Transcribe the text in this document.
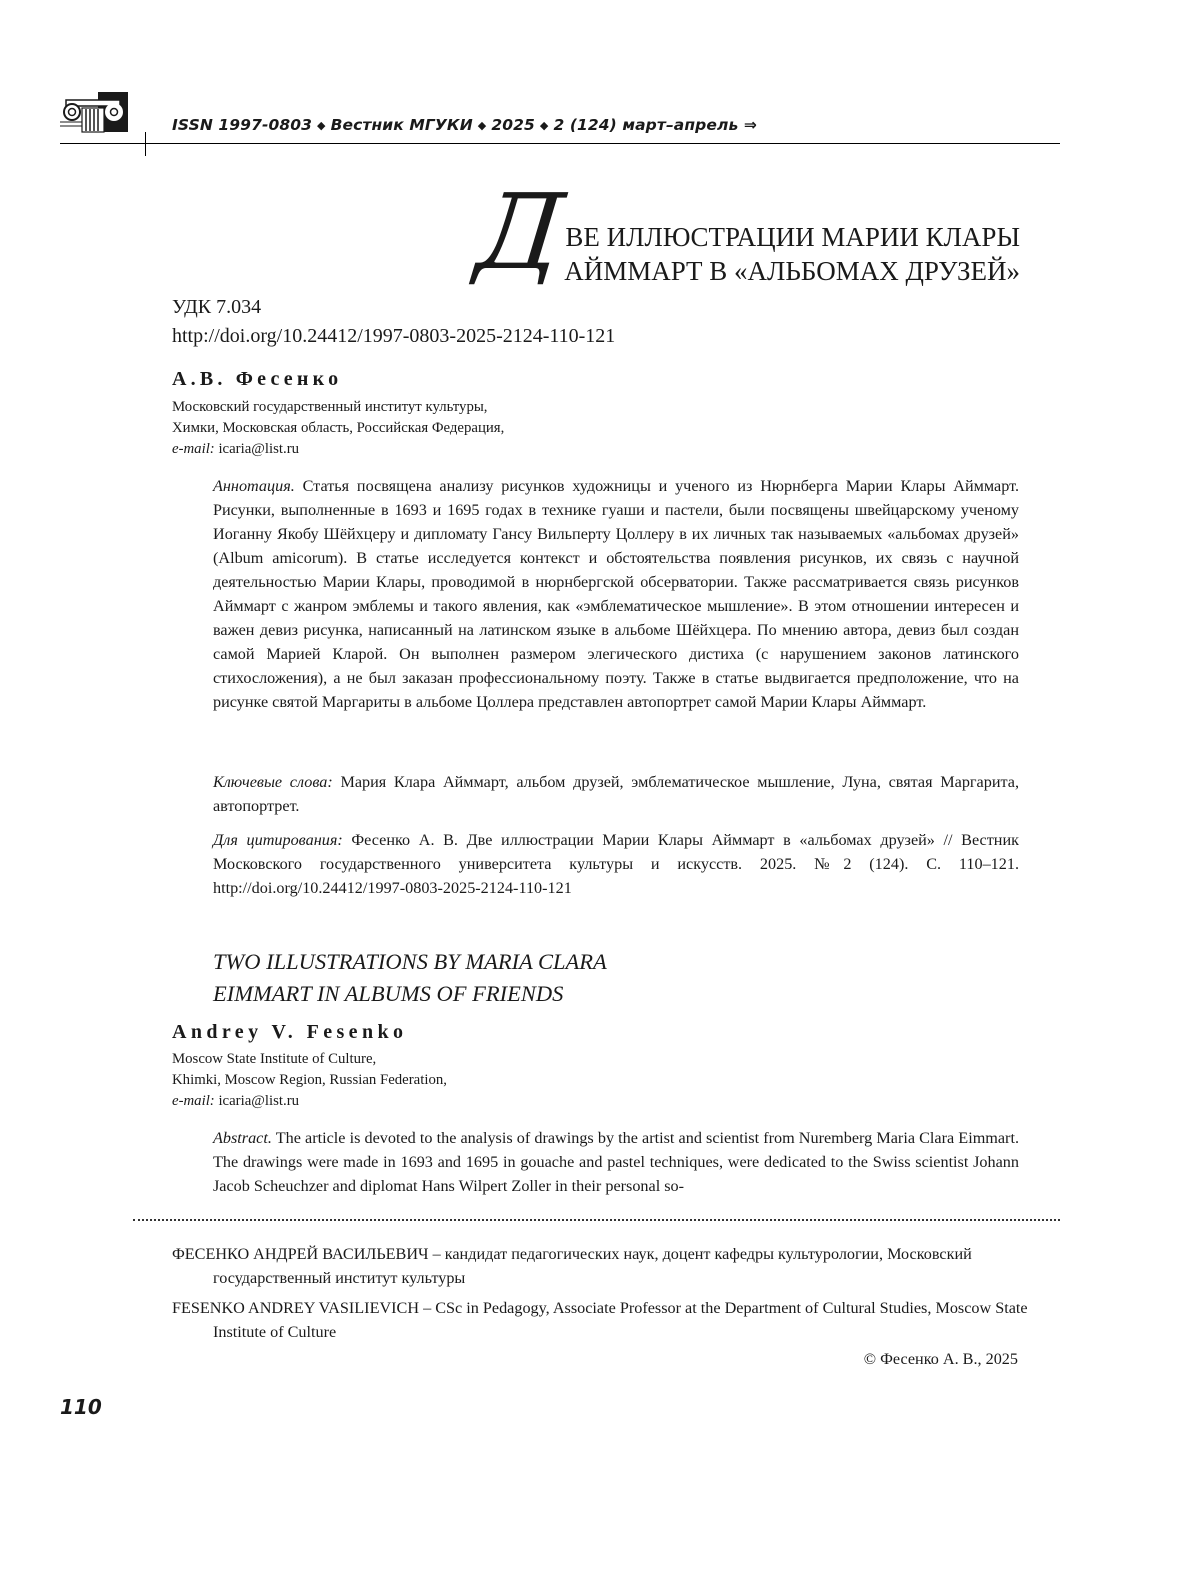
ISSN 1997-0803 ◆ Вестник МГУКИ ◆ 2025 ◆ 2 (124) март–апрель ⇒
Д
ВЕ ИЛЛЮСТРАЦИИ МАРИИ КЛАРЫ
АЙММАРТ В «АЛЬБОМАХ ДРУЗЕЙ»
УДК 7.034
http://doi.org/10.24412/1997-0803-2025-2124-110-121
А.В. Фесенко
Московский государственный институт культуры,
Химки, Московская область, Российская Федерация,
e-mail: icaria@list.ru
Аннотация. Статья посвящена анализу рисунков художницы и ученого из Нюрнберга Марии Клары Айммарт. Рисунки, выполненные в 1693 и 1695 годах в технике гуаши и пастели, были посвящены швейцарскому ученому Иоганну Якобу Шёйхцеру и дипломату Гансу Вильперту Цоллеру в их личных так называемых «альбомах друзей» (Album amicorum). В статье исследуется контекст и обстоятельства появления рисунков, их связь с научной деятельностью Марии Клары, проводимой в нюрнбергской обсерватории. Также рассматривается связь рисунков Айммарт с жанром эмблемы и такого явления, как «эмблематическое мышление». В этом отношении интересен и важен девиз рисунка, написанный на латинском языке в альбоме Шёйхцера. По мнению автора, девиз был создан самой Марией Кларой. Он выполнен размером элегического дистиха (с нарушением законов латинского стихосложения), а не был заказан профессиональному поэту. Также в статье выдвигается предположение, что на рисунке святой Маргариты в альбоме Цоллера представлен автопортрет самой Марии Клары Айммарт.
Ключевые слова: Мария Клара Айммарт, альбом друзей, эмблематическое мышление, Луна, святая Маргарита, автопортрет.
Для цитирования: Фесенко А. В. Две иллюстрации Марии Клары Айммарт в «альбомах друзей» // Вестник Московского государственного университета культуры и искусств. 2025. №2 (124). С. 110–121. http://doi.org/10.24412/1997-0803-2025-2124-110-121
TWO ILLUSTRATIONS BY MARIA CLARA
EIMMART IN ALBUMS OF FRIENDS
Andrey V. Fesenko
Moscow State Institute of Culture,
Khimki, Moscow Region, Russian Federation,
e-mail: icaria@list.ru
Abstract. The article is devoted to the analysis of drawings by the artist and scientist from Nuremberg Maria Clara Eimmart. The drawings were made in 1693 and 1695 in gouache and pastel techniques, were dedicated to the Swiss scientist Johann Jacob Scheuchzer and diplomat Hans Wilpert Zoller in their personal so-
ФЕСЕНКО АНДРЕЙ ВАСИЛЬЕВИЧ – кандидат педагогических наук, доцент кафедры культурологии, Московский государственный институт культуры
FESENKO ANDREY VASILIEVICH – CSc in Pedagogy, Associate Professor at the Department of Cultural Studies, Moscow State Institute of Culture
© Фесенко А. В., 2025
110
